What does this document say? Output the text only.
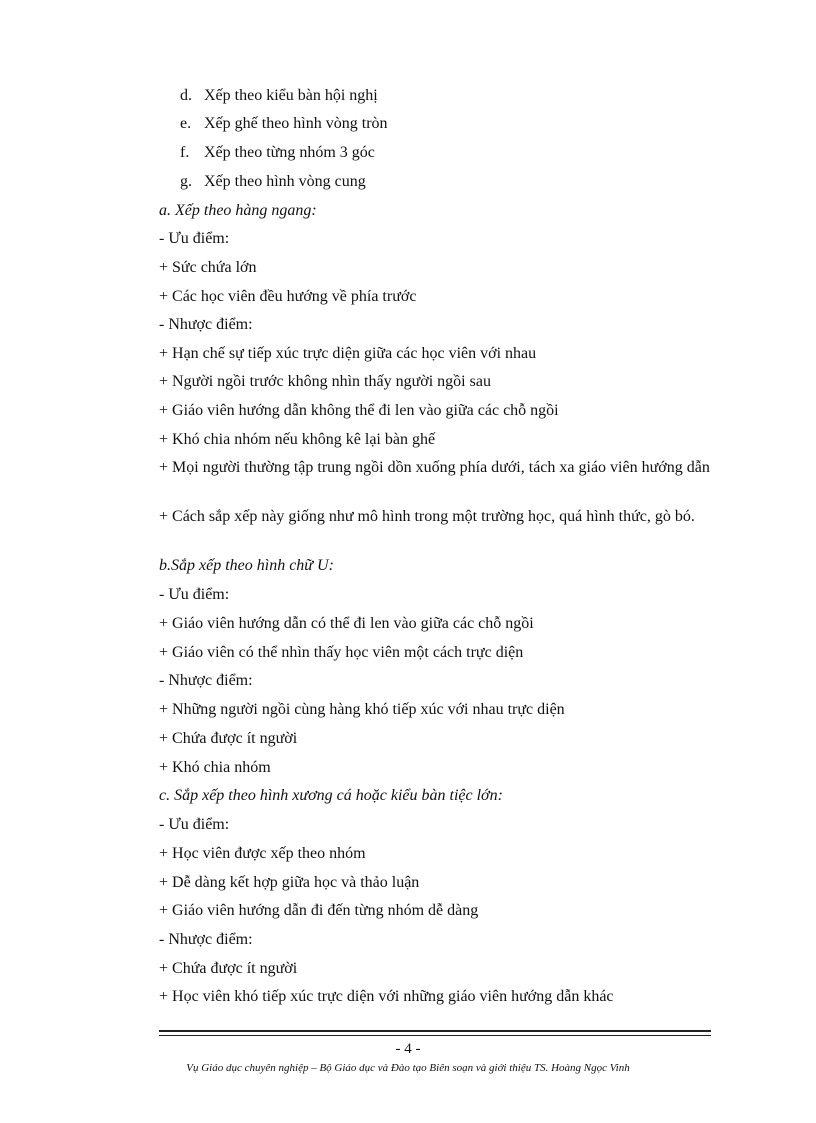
d. Xếp theo kiểu bàn hội nghị
e. Xếp ghế theo hình vòng tròn
f. Xếp theo từng nhóm 3 góc
g. Xếp theo hình vòng cung
a. Xếp theo hàng ngang:
- Ưu điểm:
+ Sức chứa lớn
+ Các học viên đều hướng về phía trước
- Nhược điểm:
+ Hạn chế sự tiếp xúc trực diện giữa các học viên với nhau
+ Người ngồi trước không nhìn thấy người ngồi sau
+ Giáo viên hướng dẫn không thể đi len vào giữa các chỗ ngồi
+ Khó chia nhóm nếu không kê lại bàn ghế
+ Mọi người thường tập trung ngồi dồn xuống phía dưới, tách xa giáo viên hướng dẫn
+ Cách sắp xếp này giống như mô hình trong một trường học, quá hình thức, gò bó.
b.Sắp xếp theo hình chữ U:
- Ưu điểm:
+ Giáo viên hướng dẫn có thể đi len vào giữa các chỗ ngồi
+ Giáo viên có thể nhìn thấy học viên một cách trực diện
- Nhược điểm:
+ Những người ngồi cùng hàng khó tiếp xúc với nhau trực diện
+ Chứa được ít người
+ Khó chia nhóm
c. Sắp xếp theo hình xương cá hoặc kiểu bàn tiệc lớn:
- Ưu điểm:
+ Học viên được xếp theo nhóm
+ Dễ dàng kết hợp giữa học và thảo luận
+ Giáo viên hướng dẫn đi đến từng nhóm dễ dàng
- Nhược điểm:
+ Chứa được ít người
+ Học viên khó tiếp xúc trực diện với những giáo viên hướng dẫn khác
- 4 -
Vụ Giáo dục chuyên nghiệp – Bộ Giáo dục và Đào tạo Biên soạn và giới thiệu TS. Hoàng Ngọc Vinh
